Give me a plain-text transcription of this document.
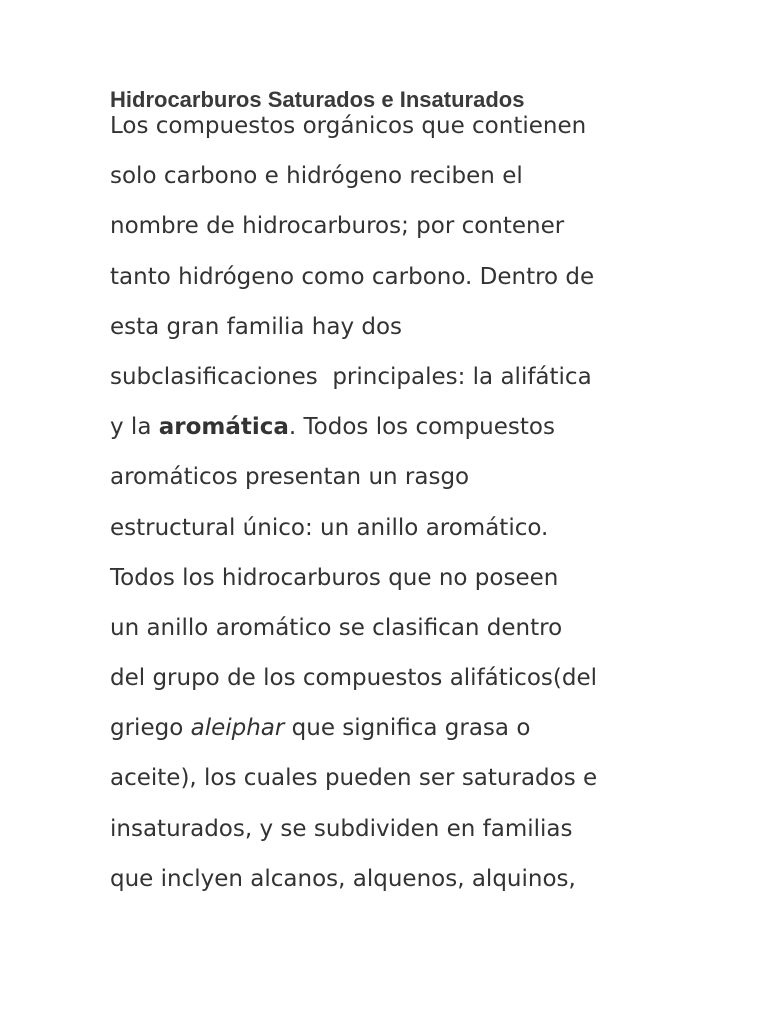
Hidrocarburos Saturados e Insaturados
Los compuestos orgánicos que contienen
solo carbono e hidrógeno reciben el
nombre de hidrocarburos; por contener
tanto hidrógeno como carbono. Dentro de
esta gran familia hay dos
subclasificaciones  principales: la alifática
y la aromática. Todos los compuestos
aromáticos presentan un rasgo
estructural único: un anillo aromático.
Todos los hidrocarburos que no poseen
un anillo aromático se clasifican dentro
del grupo de los compuestos alifáticos(del
griego aleiphar que significa grasa o
aceite), los cuales pueden ser saturados e
insaturados, y se subdividen en familias
que inclyen alcanos, alquenos, alquinos,
